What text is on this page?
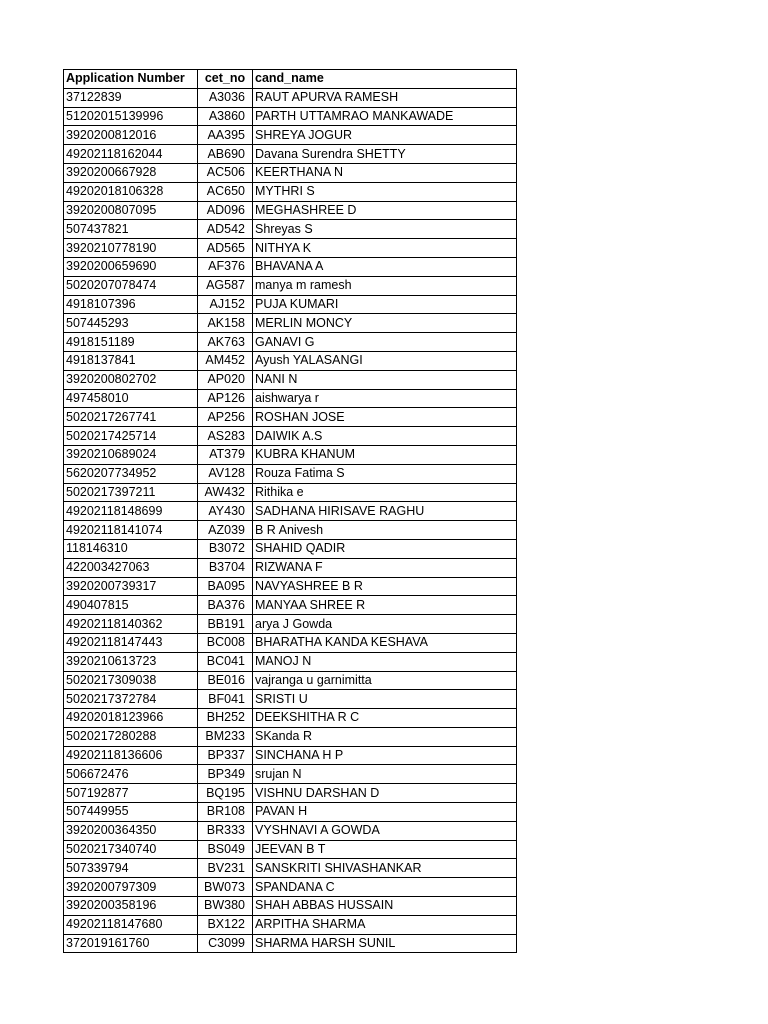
Application Number	cet_no	cand_name
37122839	A3036	RAUT APURVA RAMESH
51202015139996	A3860	PARTH UTTAMRAO MANKAWADE
3920200812016	AA395	SHREYA JOGUR
49202118162044	AB690	Davana Surendra SHETTY
3920200667928	AC506	KEERTHANA N
49202018106328	AC650	MYTHRI S
3920200807095	AD096	MEGHASHREE D
507437821	AD542	Shreyas S
3920210778190	AD565	NITHYA K
3920200659690	AF376	BHAVANA A
5020207078474	AG587	manya m ramesh
4918107396	AJ152	PUJA KUMARI
507445293	AK158	MERLIN MONCY
4918151189	AK763	GANAVI G
4918137841	AM452	Ayush YALASANGI
3920200802702	AP020	NANI N
497458010	AP126	aishwarya r
5020217267741	AP256	ROSHAN JOSE
5020217425714	AS283	DAIWIK A.S
3920210689024	AT379	KUBRA KHANUM
5620207734952	AV128	Rouza Fatima S
5020217397211	AW432	Rithika e
49202118148699	AY430	SADHANA HIRISAVE RAGHU
49202118141074	AZ039	B R Anivesh
118146310	B3072	SHAHID QADIR
422003427063	B3704	RIZWANA F
3920200739317	BA095	NAVYASHREE B R
490407815	BA376	MANYAA SHREE R
49202118140362	BB191	arya J Gowda
49202118147443	BC008	BHARATHA KANDA KESHAVA
3920210613723	BC041	MANOJ N
5020217309038	BE016	vajranga u garnimitta
5020217372784	BF041	SRISTI U
49202018123966	BH252	DEEKSHITHA R C
5020217280288	BM233	SKanda R
49202118136606	BP337	SINCHANA H P
506672476	BP349	srujan N
507192877	BQ195	VISHNU DARSHAN D
507449955	BR108	PAVAN H
3920200364350	BR333	VYSHNAVI A GOWDA
5020217340740	BS049	JEEVAN B T
507339794	BV231	SANSKRITI SHIVASHANKAR
3920200797309	BW073	SPANDANA C
3920200358196	BW380	SHAH ABBAS HUSSAIN
49202118147680	BX122	ARPITHA SHARMA
372019161760	C3099	SHARMA HARSH SUNIL
